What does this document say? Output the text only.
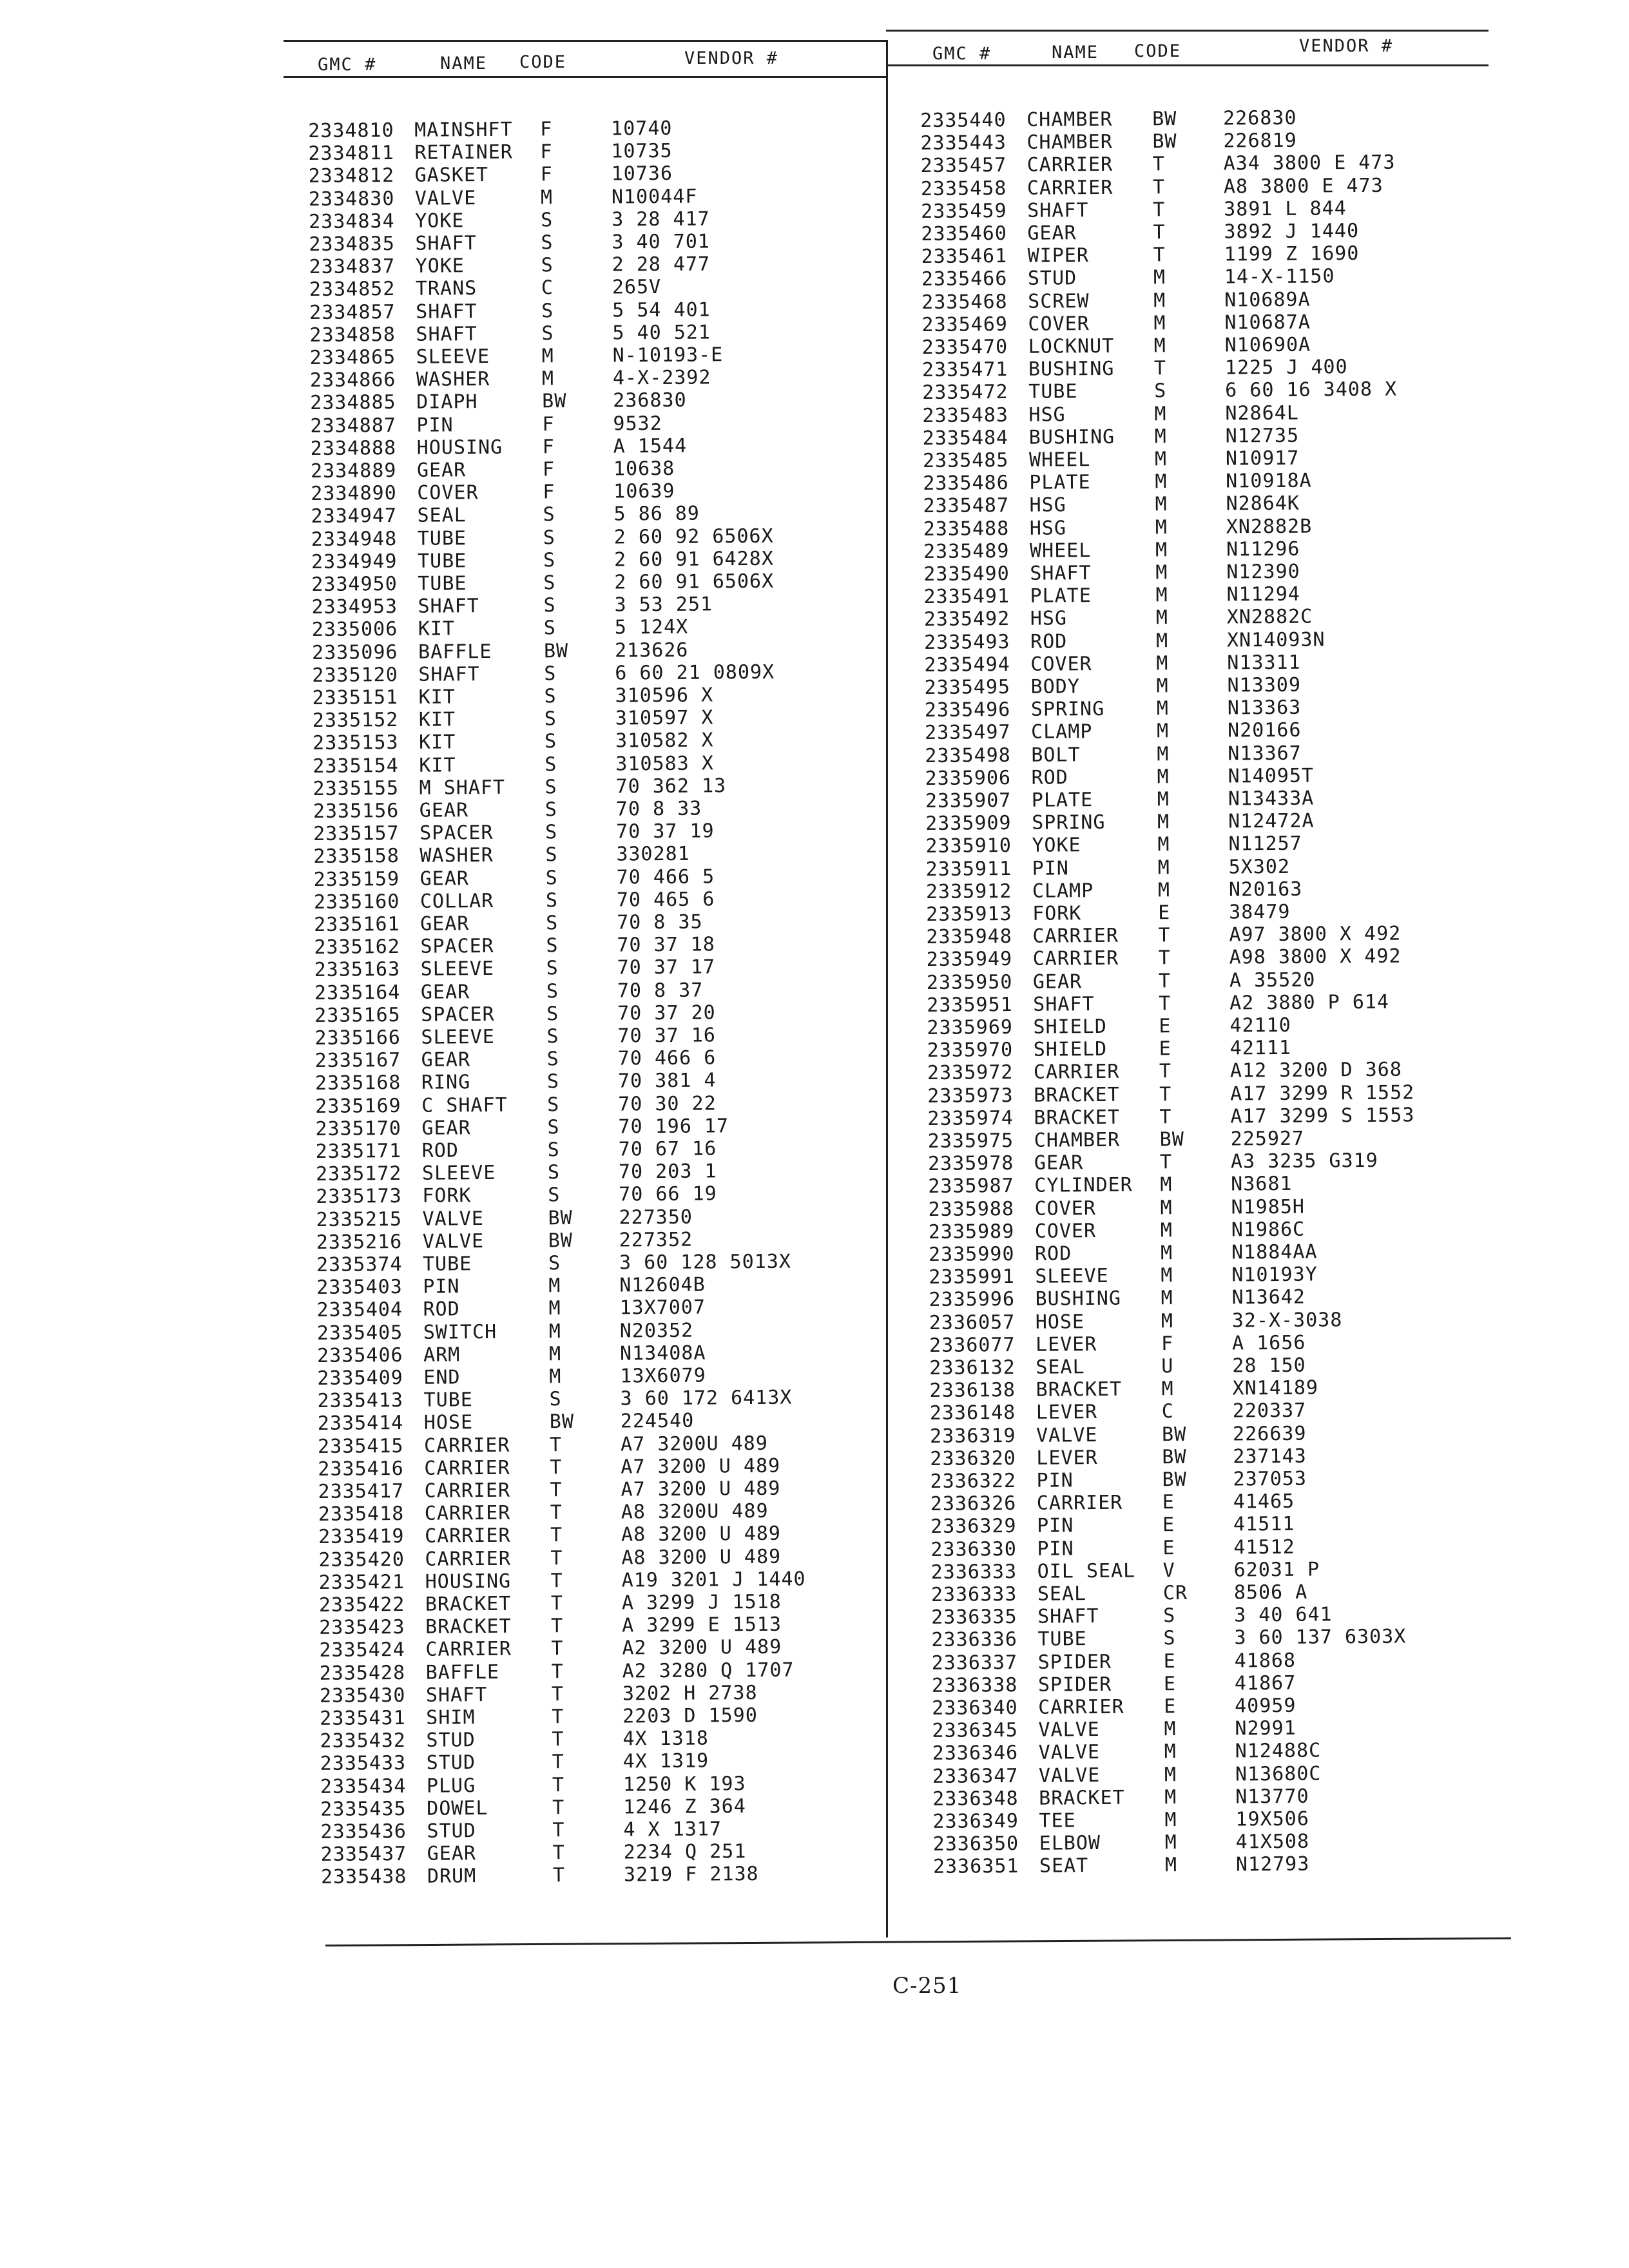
GMC #	NAME CODE	VENDOR #	GMC #	NAME CODE	VENDOR #
2334810 MAINSHFT F	10740
2334811 RETAINER F	10735
2334812 GASKET	F	10736
2334830 VALVE	M	N10044F
2334834 YOKE	S	3 28 417
2334835 SHAFT	S	3 40 701
2334837 YOKE	S	2 28 477
2334852 TRANS	C	265V
2334857 SHAFT	S	5 54 401
2334858 SHAFT	S	5 40 521
2334865 SLEEVE	M	N-10193-E
2334866 WASHER	M	4-X-2392
2334885 DIAPH	BW 236830
2334887 PIN	F	9532
2334888 HOUSING F	A 1544
2334889 GEAR	F	10638
2334890 COVER	F	10639
2334947 SEAL	S	5 86 89
2334948 TUBE	S	2 60 92 6506X
2334949 TUBE	S	2 60 91 6428X
2334950 TUBE	S	2 60 91 6506X
2334953 SHAFT	S	3 53 251
2335006 KIT	S	5 124X
2335096 BAFFLE	BW 213626
2335120 SHAFT	S	6 60 21 0809X
2335151 KIT	S	310596 X
2335152 KIT	S	310597 X
2335153 KIT	S	310582 X
2335154 KIT	S	310583 X
2335155 M SHAFT S	70 362 13
2335156 GEAR	S	70 8 33
2335157 SPACER	S	70 37 19
2335158 WASHER	S	330281
2335159 GEAR	S	70 466 5
2335160 COLLAR	S	70 465 6
2335161 GEAR	S	70 8 35
2335162 SPACER	S	70 37 18
2335163 SLEEVE	S	70 37 17
2335164 GEAR	S	70 8 37
2335165 SPACER	S	70 37 20
2335166 SLEEVE	S	70 37 16
2335167 GEAR	S	70 466 6
2335168 RING	S	70 381 4
2335169 C SHAFT S	70 30 22
2335170 GEAR	S	70 196 17
2335171 ROD	S	70 67 16
2335172 SLEEVE	S	70 203 1
2335173 FORK	S	70 66 19
2335215 VALVE	BW 227350
2335216 VALVE	BW 227352
2335374 TUBE	S	3 60 128 5013X
2335403 PIN	M	N12604B
2335404 ROD	M	13X7007
2335405 SWITCH	M	N20352
2335406 ARM	M	N13408A
2335409 END	M	13X6079
2335413 TUBE	S	3 60 172 6413X
2335414 HOSE	BW 224540
2335415 CARRIER T	A7 3200U 489
2335416 CARRIER T	A7 3200 U 489
2335417 CARRIER T	A7 3200 U 489
2335418 CARRIER T	A8 3200U 489
2335419 CARRIER T	A8 3200 U 489
2335420 CARRIER T	A8 3200 U 489
2335421 HOUSING T	A19 3201 J 1440
2335422 BRACKET T	A 3299 J 1518
2335423 BRACKET T	A 3299 E 1513
2335424 CARRIER T	A2 3200 U 489
2335428 BAFFLE	T	A2 3280 Q 1707
2335430 SHAFT	T	3202 H 2738
2335431 SHIM	T	2203 D 1590
2335432 STUD	T	4X 1318
2335433 STUD	T	4X 1319
2335434 PLUG	T	1250 K 193
2335435 DOWEL	T	1246 Z 364
2335436 STUD	T	4 X 1317
2335437 GEAR	T	2234 Q 251
2335438 DRUM	T	3219 F 2138
2335440 CHAMBER BW 226830
2335443 CHAMBER BW 226819
2335457 CARRIER T	A34 3800 E 473
2335458 CARRIER T	A8 3800 E 473
2335459 SHAFT	T	3891 L 844
2335460 GEAR	T	3892 J 1440
2335461 WIPER	T	1199 Z 1690
2335466 STUD	M	14-X-1150
2335468 SCREW	M	N10689A
2335469 COVER	M	N10687A
2335470 LOCKNUT M	N10690A
2335471 BUSHING T	1225 J 400
2335472 TUBE	S	6 60 16 3408 X
2335483 HSG	M	N2864L
2335484 BUSHING M	N12735
2335485 WHEEL	M	N10917
2335486 PLATE	M	N10918A
2335487 HSG	M	N2864K
2335488 HSG	M	XN2882B
2335489 WHEEL	M	N11296
2335490 SHAFT	M	N12390
2335491 PLATE	M	N11294
2335492 HSG	M	XN2882C
2335493 ROD	M	XN14093N
2335494 COVER	M	N13311
2335495 BODY	M	N13309
2335496 SPRING	M	N13363
2335497 CLAMP	M	N20166
2335498 BOLT	M	N13367
2335906 ROD	M	N14095T
2335907 PLATE	M	N13433A
2335909 SPRING	M	N12472A
2335910 YOKE	M	N11257
2335911 PIN	M	5X302
2335912 CLAMP	M	N20163
2335913 FORK	E	38479
2335948 CARRIER T	A97 3800 X 492
2335949 CARRIER T	A98 3800 X 492
2335950 GEAR	T	A 35520
2335951 SHAFT	T	A2 3880 P 614
2335969 SHIELD	E	42110
2335970 SHIELD	E	42111
2335972 CARRIER T	A12 3200 D 368
2335973 BRACKET T	A17 3299 R 1552
2335974 BRACKET T	A17 3299 S 1553
2335975 CHAMBER BW 225927
2335978 GEAR	T	A3 3235 G319
2335987 CYLINDER M	N3681
2335988 COVER	M	N1985H
2335989 COVER	M	N1986C
2335990 ROD	M	N1884AA
2335991 SLEEVE	M	N10193Y
2335996 BUSHING M	N13642
2336057 HOSE	M	32-X-3038
2336077 LEVER	F	A 1656
2336132 SEAL	U	28 150
2336138 BRACKET M	XN14189
2336148 LEVER	C	220337
2336319 VALVE	BW 226639
2336320 LEVER	BW 237143
2336322 PIN	BW 237053
2336326 CARRIER E	41465
2336329 PIN	E	41511
2336330 PIN	E	41512
2336333 OIL SEAL V	62031 P
2336333 SEAL	CR 8506 A
2336335 SHAFT	S	3 40 641
2336336 TUBE	S	3 60 137 6303X
2336337 SPIDER	E	41868
2336338 SPIDER	E	41867
2336340 CARRIER E	40959
2336345 VALVE	M	N2991
2336346 VALVE	M	N12488C
2336347 VALVE	M	N13680C
2336348 BRACKET M	N13770
2336349 TEE	M	19X506
2336350 ELBOW	M	41X508
2336351 SEAT	M	N12793
C-251
